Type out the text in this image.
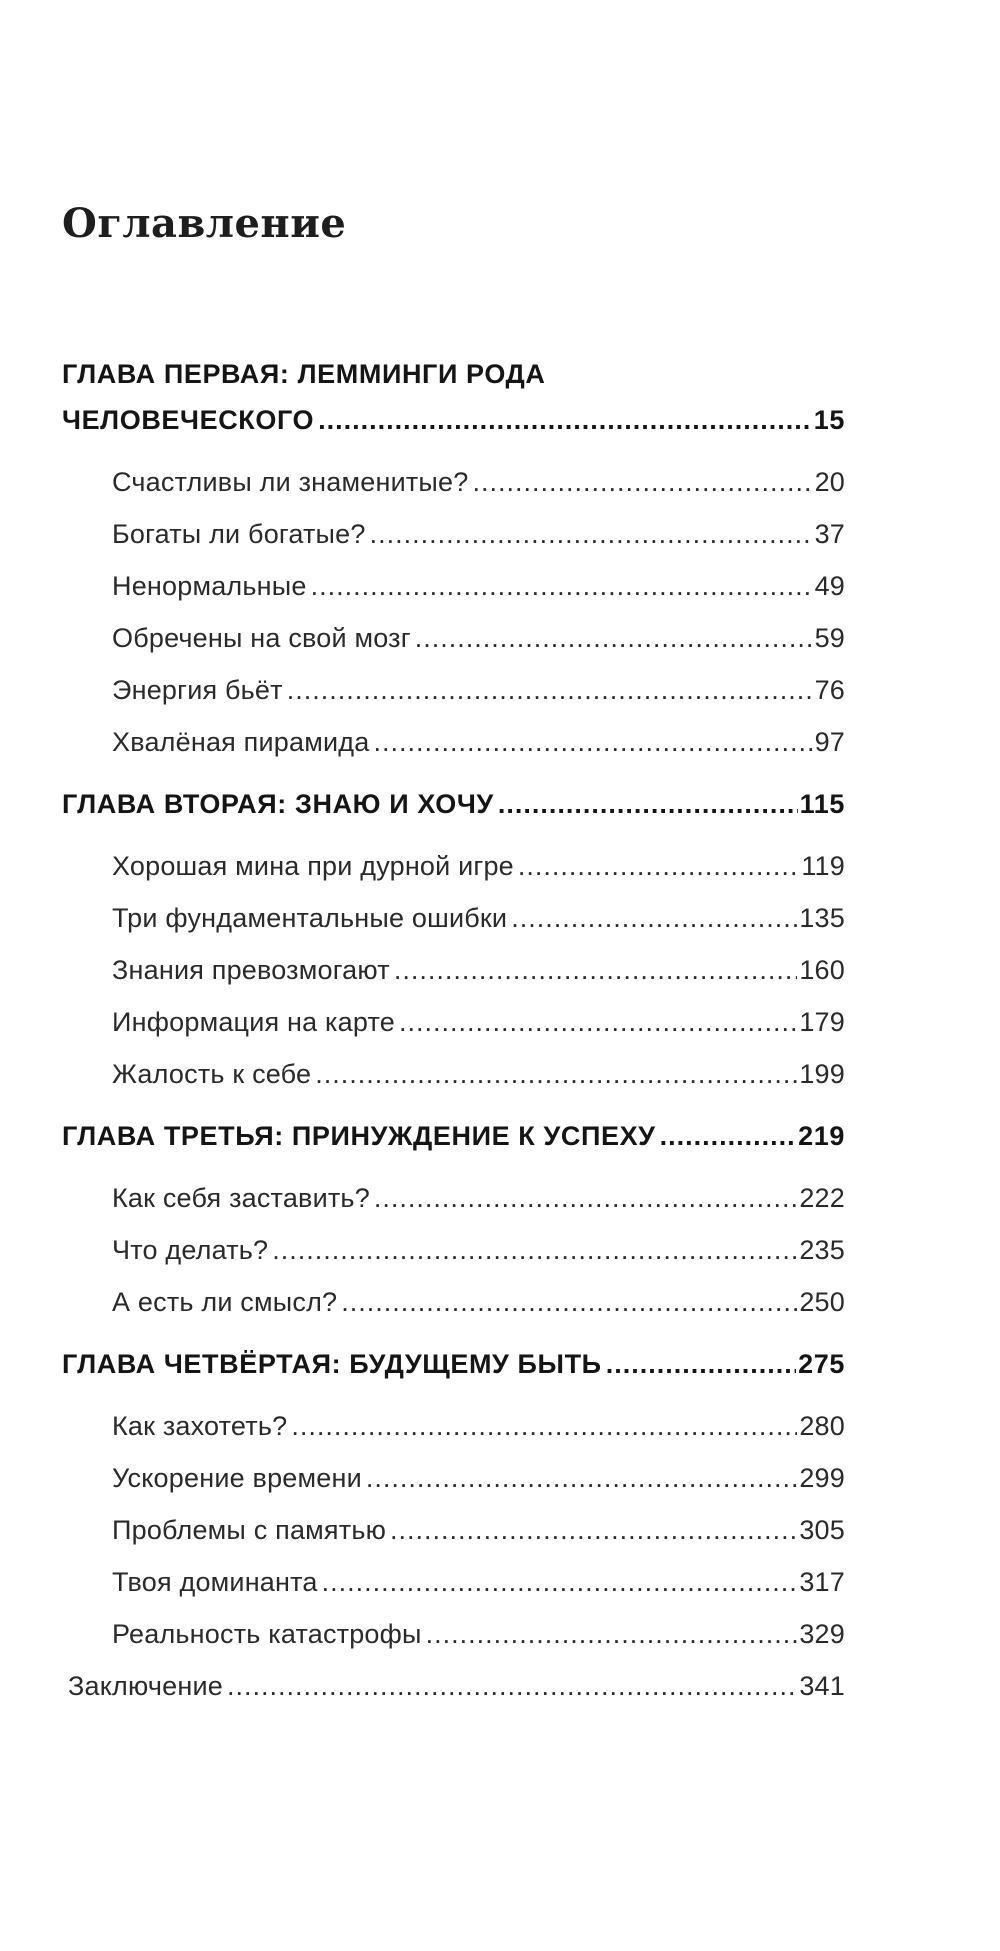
Оглавление
ГЛАВА ПЕРВАЯ: ЛЕММИНГИ РОДА
ЧЕЛОВЕЧЕСКОГО .....	15
Счастливы ли знаменитые? .....	20
Богаты ли богатые? .....	37
Ненормальные .....	49
Обречены на свой мозг .....	59
Энергия бьёт .....	76
Хвалёная пирамида .....	97
ГЛАВА ВТОРАЯ: ЗНАЮ И ХОЧУ .....	115
Хорошая мина при дурной игре .....	119
Три фундаментальные ошибки .....	135
Знания превозмогают .....	160
Информация на карте .....	179
Жалость к себе .....	199
ГЛАВА ТРЕТЬЯ: ПРИНУЖДЕНИЕ К УСПЕХУ .....	219
Как себя заставить? .....	222
Что делать? .....	235
А есть ли смысл? .....	250
ГЛАВА ЧЕТВЁРТАЯ: БУДУЩЕМУ БЫТЬ .....	275
Как захотеть? .....	280
Ускорение времени .....	299
Проблемы с памятью .....	305
Твоя доминанта .....	317
Реальность катастрофы .....	329
Заключение .....	341
